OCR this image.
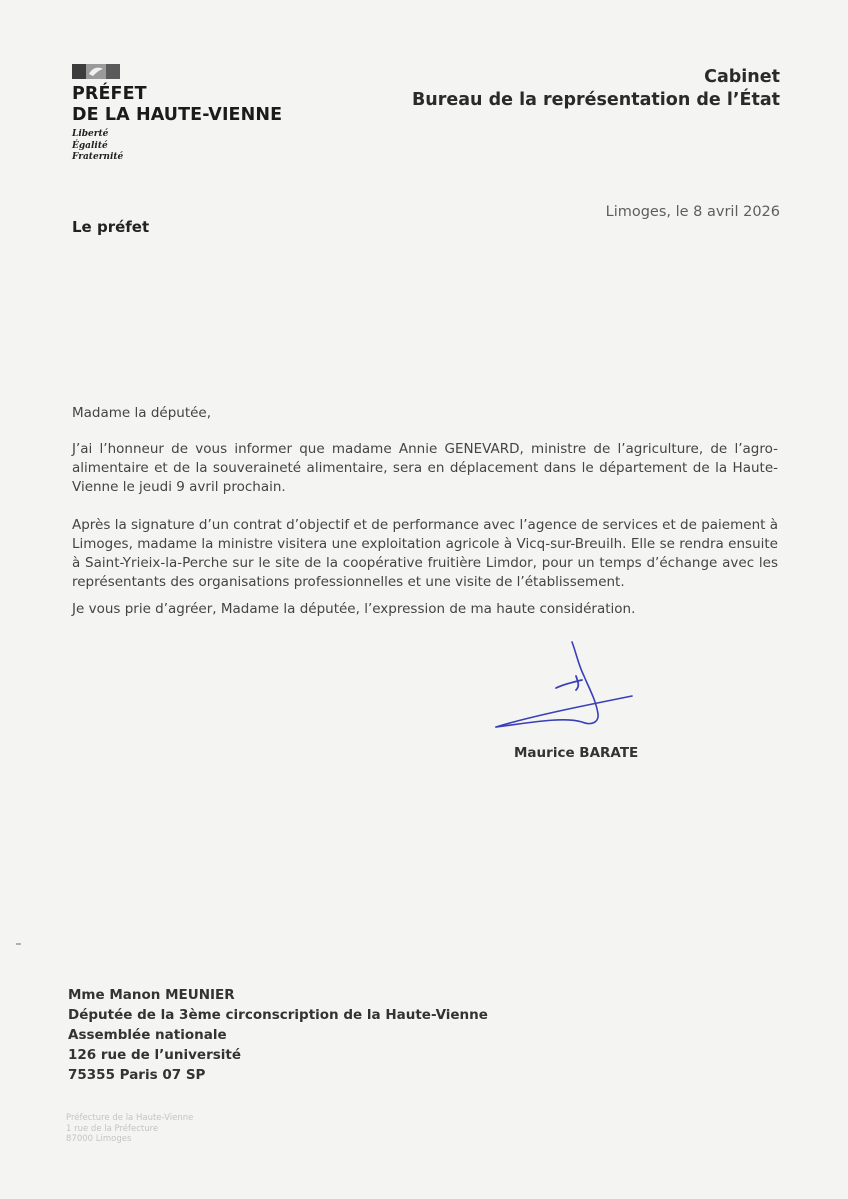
PRÉFET
DE LA HAUTE-VIENNE
Liberté
Égalité
Fraternité
Cabinet
Bureau de la représentation de l’État
Le préfet
Limoges, le 8 avril 2026
Madame la députée,

J’ai l’honneur de vous informer que madame Annie GENEVARD, ministre de l’agriculture, de l’agro-alimentaire et de la souveraineté alimentaire, sera en déplacement dans le département de la Haute-Vienne le jeudi 9 avril prochain.

Après la signature d’un contrat d’objectif et de performance avec l’agence de services et de paiement à Limoges, madame la ministre visitera une exploitation agricole à Vicq-sur-Breuilh. Elle se rendra ensuite à Saint-Yrieix-la-Perche sur le site de la coopérative fruitière Limdor, pour un temps d’échange avec les représentants des organisations professionnelles et une visite de l’établissement.

Je vous prie d’agréer, Madame la députée, l’expression de ma haute considération.

Maurice BARATE
Mme Manon MEUNIER
Députée de la 3ème circonscription de la Haute-Vienne
Assemblée nationale
126 rue de l’université
75355 Paris 07 SP
Préfecture de la Haute-Vienne
1 rue de la Préfecture
87000 Limoges
